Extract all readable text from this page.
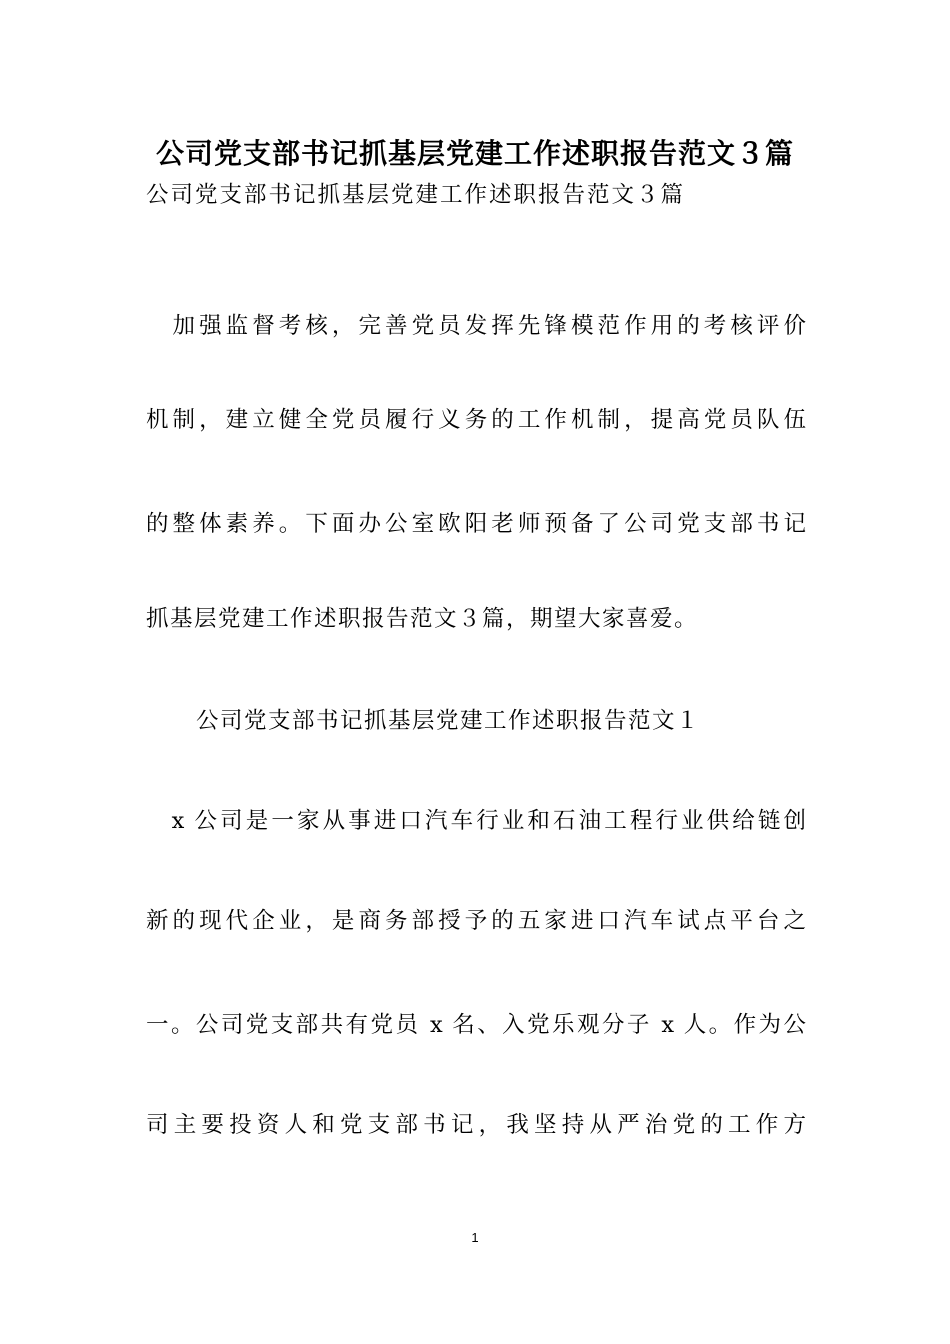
公司党支部书记抓基层党建工作述职报告范文３篇
公司党支部书记抓基层党建工作述职报告范文３篇
　加强监督考核，完善党员发挥先锋模范作用的考核评价
机制，建立健全党员履行义务的工作机制，提高党员队伍
的整体素养。下面办公室欧阳老师预备了公司党支部书记
抓基层党建工作述职报告范文３篇，期望大家喜爱。
公司党支部书记抓基层党建工作述职报告范文１
　x 公司是一家从事进口汽车行业和石油工程行业供给链创
新的现代企业，是商务部授予的五家进口汽车试点平台之
一。公司党支部共有党员 x 名、入党乐观分子 x 人。作为公
司主要投资人和党支部书记，我坚持从严治党的工作方
1
